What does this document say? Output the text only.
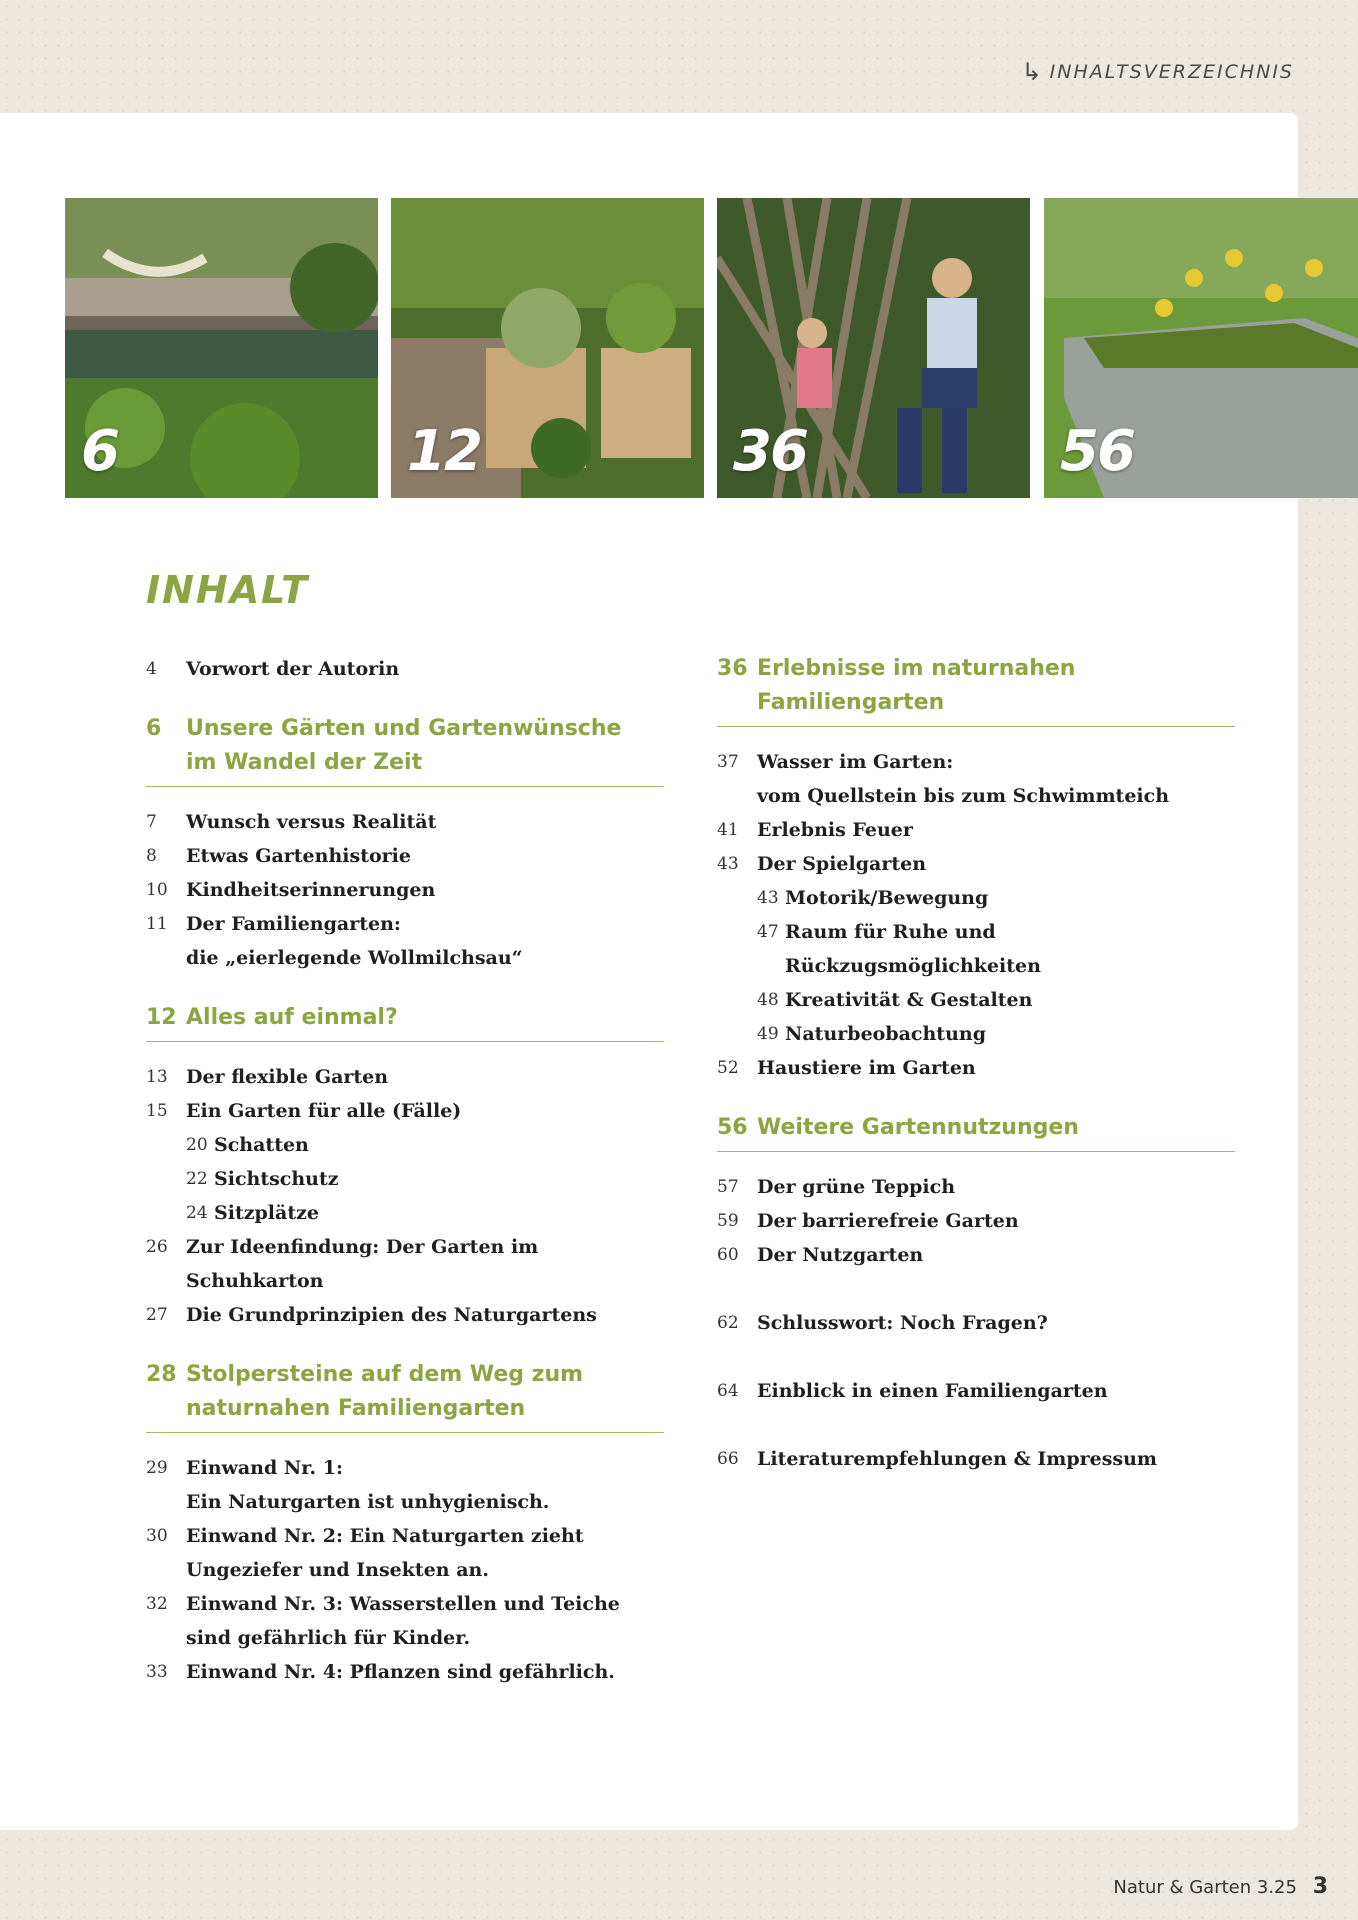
↳ INHALTSVERZEICHNIS
6	12	36	56
INHALT
4 Vorwort der Autorin
6 Unsere Gärten und Gartenwünsche
im Wandel der Zeit
7 Wunsch versus Realität
8 Etwas Gartenhistorie
10 Kindheitserinnerungen
11 Der Familiengarten:
die „eierlegende Wollmilchsau“
12 Alles auf einmal?
13 Der flexible Garten
15 Ein Garten für alle (Fälle)
20 Schatten
22 Sichtschutz
24 Sitzplätze
26 Zur Ideenfindung: Der Garten im Schuhkarton
27 Die Grundprinzipien des Naturgartens
28 Stolpersteine auf dem Weg zum
naturnahen Familiengarten
29 Einwand Nr. 1:
Ein Naturgarten ist unhygienisch.
30 Einwand Nr. 2: Ein Naturgarten zieht
Ungeziefer und Insekten an.
32 Einwand Nr. 3: Wasserstellen und Teiche
sind gefährlich für Kinder.
33 Einwand Nr. 4: Pflanzen sind gefährlich.
36 Erlebnisse im naturnahen
Familiengarten
37 Wasser im Garten:
vom Quellstein bis zum Schwimmteich
41 Erlebnis Feuer
43 Der Spielgarten
43 Motorik/Bewegung
47 Raum für Ruhe und Rückzugsmöglichkeiten
48 Kreativität & Gestalten
49 Naturbeobachtung
52 Haustiere im Garten
56 Weitere Gartennutzungen
57 Der grüne Teppich
59 Der barrierefreie Garten
60 Der Nutzgarten
62 Schlusswort: Noch Fragen?
64 Einblick in einen Familiengarten
66 Literaturempfehlungen & Impressum
Natur & Garten 3.25 3
